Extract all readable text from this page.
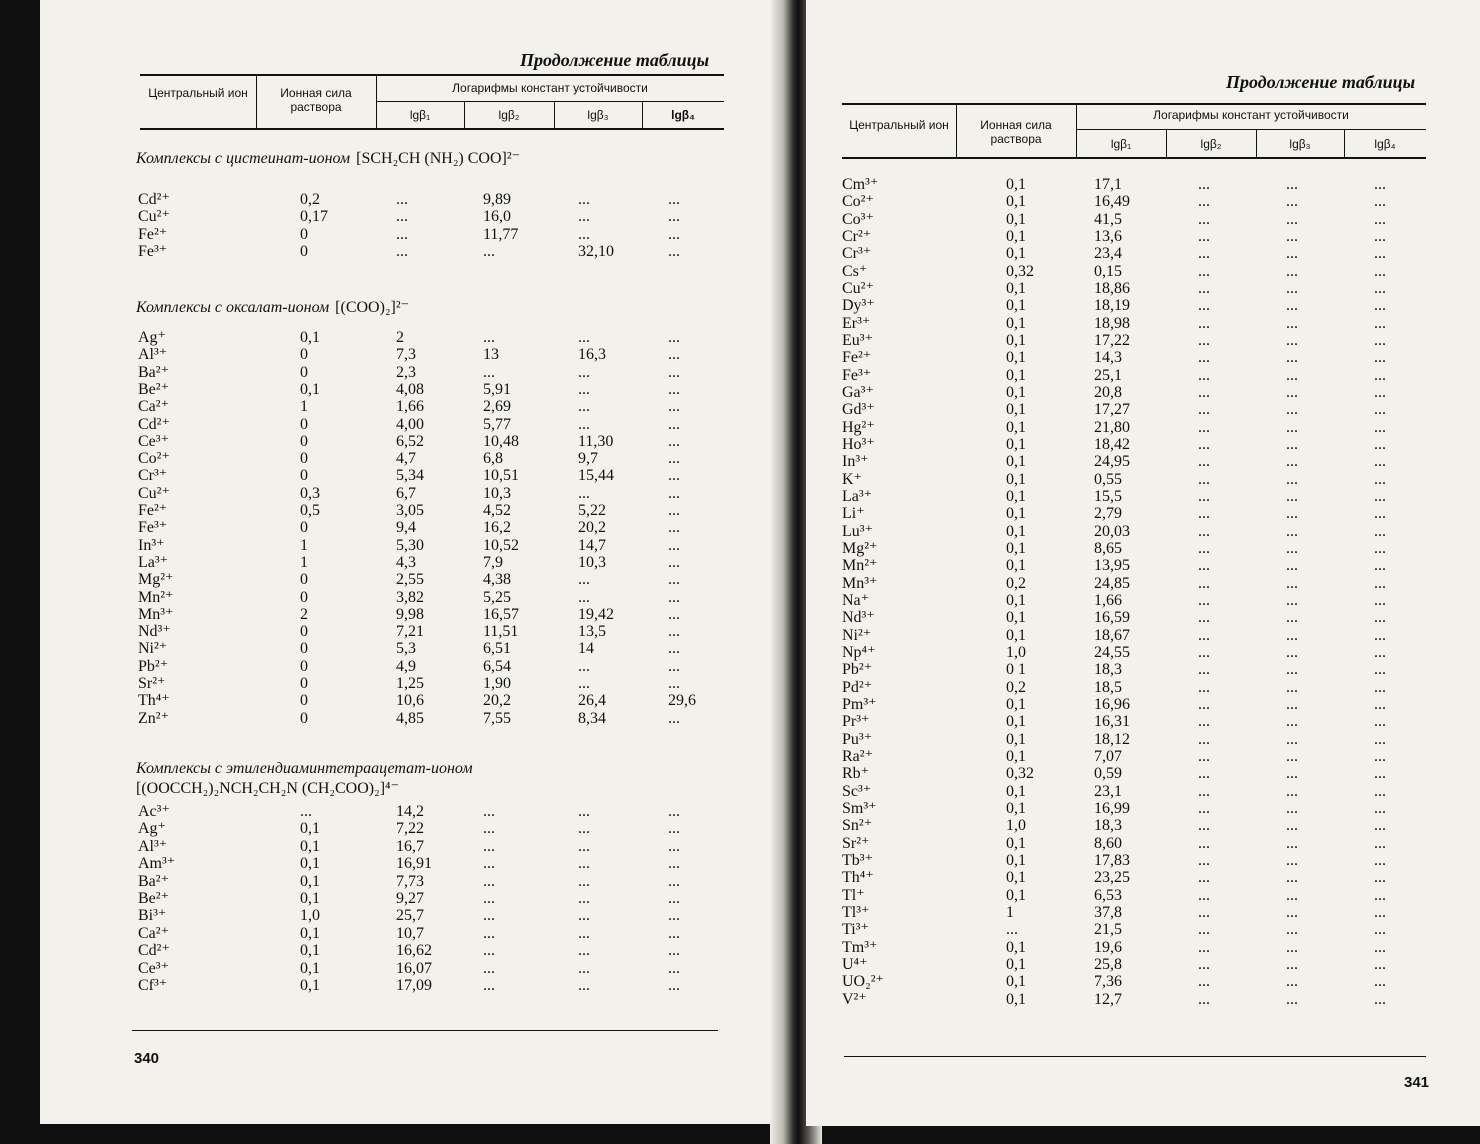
Продолжение таблицы
Центральный ион	Ионная сила раствора
Логарифмы констант устойчивости
lgβ₁	lgβ₂	lgβ₃	lgβ₄
Комплексы с цистеинат-ионом [SCH₂CH (NH₂) COO]²⁻
Cd²⁺	0,2	...	9,89	...	...
Cu²⁺	0,17	...	16,0	...	...
Fe²⁺	0	...	11,77	...	...
Fe³⁺	0	...	...	32,10	...
Комплексы с оксалат-ионом [(COO)₂]²⁻
Ag⁺	0,1	2	...	...	...
Al³⁺	0	7,3	13	16,3	...
Ba²⁺	0	2,3	...	...	...
Be²⁺	0,1	4,08	5,91	...	...
Ca²⁺	1	1,66	2,69	...	...
Cd²⁺	0	4,00	5,77	...	...
Ce³⁺	0	6,52	10,48	11,30	...
Co²⁺	0	4,7	6,8	9,7	...
Cr³⁺	0	5,34	10,51	15,44	...
Cu²⁺	0,3	6,7	10,3	...	...
Fe²⁺	0,5	3,05	4,52	5,22	...
Fe³⁺	0	9,4	16,2	20,2	...
In³⁺	1	5,30	10,52	14,7	...
La³⁺	1	4,3	7,9	10,3	...
Mg²⁺	0	2,55	4,38	...	...
Mn²⁺	0	3,82	5,25	...	...
Mn³⁺	2	9,98	16,57	19,42	...
Nd³⁺	0	7,21	11,51	13,5	...
Ni²⁺	0	5,3	6,51	14	...
Pb²⁺	0	4,9	6,54	...	...
Sr²⁺	0	1,25	1,90	...	...
Th⁴⁺	0	10,6	20,2	26,4	29,6
Zn²⁺	0	4,85	7,55	8,34	...
Комплексы с этилендиаминтетраацетат-ионом
[(OOCCH₂)₂NCH₂CH₂N (CH₂COO)₂]⁴⁻
Ac³⁺	...	14,2	...	...	...
Ag⁺	0,1	7,22	...	...	...
Al³⁺	0,1	16,7	...	...	...
Am³⁺	0,1	16,91	...	...	...
Ba²⁺	0,1	7,73	...	...	...
Be²⁺	0,1	9,27	...	...	...
Bi³⁺	1,0	25,7	...	...	...
Ca²⁺	0,1	10,7	...	...	...
Cd²⁺	0,1	16,62	...	...	...
Ce³⁺	0,1	16,07	...	...	...
Cf³⁺	0,1	17,09	...	...	...
340
Продолжение таблицы
Центральный ион	Ионная сила раствора
Логарифмы констант устойчивости
lgβ₁	lgβ₂	lgβ₃	lgβ₄
Cm³⁺	0,1	17,1	...	...	...
Co²⁺	0,1	16,49	...	...	...
Co³⁺	0,1	41,5	...	...	...
Cr²⁺	0,1	13,6	...	...	...
Cr³⁺	0,1	23,4	...	...	...
Cs⁺	0,32	0,15	...	...	...
Cu²⁺	0,1	18,86	...	...	...
Dy³⁺	0,1	18,19	...	...	...
Er³⁺	0,1	18,98	...	...	...
Eu³⁺	0,1	17,22	...	...	...
Fe²⁺	0,1	14,3	...	...	...
Fe³⁺	0,1	25,1	...	...	...
Ga³⁺	0,1	20,8	...	...	...
Gd³⁺	0,1	17,27	...	...	...
Hg²⁺	0,1	21,80	...	...	...
Ho³⁺	0,1	18,42	...	...	...
In³⁺	0,1	24,95	...	...	...
K⁺	0,1	0,55	...	...	...
La³⁺	0,1	15,5	...	...	...
Li⁺	0,1	2,79	...	...	...
Lu³⁺	0,1	20,03	...	...	...
Mg²⁺	0,1	8,65	...	...	...
Mn²⁺	0,1	13,95	...	...	...
Mn³⁺	0,2	24,85	...	...	...
Na⁺	0,1	1,66	...	...	...
Nd³⁺	0,1	16,59	...	...	...
Ni²⁺	0,1	18,67	...	...	...
Np⁴⁺	1,0	24,55	...	...	...
Pb²⁺	0 1	18,3	...	...	...
Pd²⁺	0,2	18,5	...	...	...
Pm³⁺	0,1	16,96	...	...	...
Pr³⁺	0,1	16,31	...	...	...
Pu³⁺	0,1	18,12	...	...	...
Ra²⁺	0,1	7,07	...	...	...
Rb⁺	0,32	0,59	...	...	...
Sc³⁺	0,1	23,1	...	...	...
Sm³⁺	0,1	16,99	...	...	...
Sn²⁺	1,0	18,3	...	...	...
Sr²⁺	0,1	8,60	...	...	...
Tb³⁺	0,1	17,83	...	...	...
Th⁴⁺	0,1	23,25	...	...	...
Tl⁺	0,1	6,53	...	...	...
Tl³⁺	1	37,8	...	...	...
Ti³⁺	...	21,5	...	...	...
Tm³⁺	0,1	19,6	...	...	...
U⁴⁺	0,1	25,8	...	...	...
UO₂²⁺	0,1	7,36	...	...	...
V²⁺	0,1	12,7	...	...	...
341
